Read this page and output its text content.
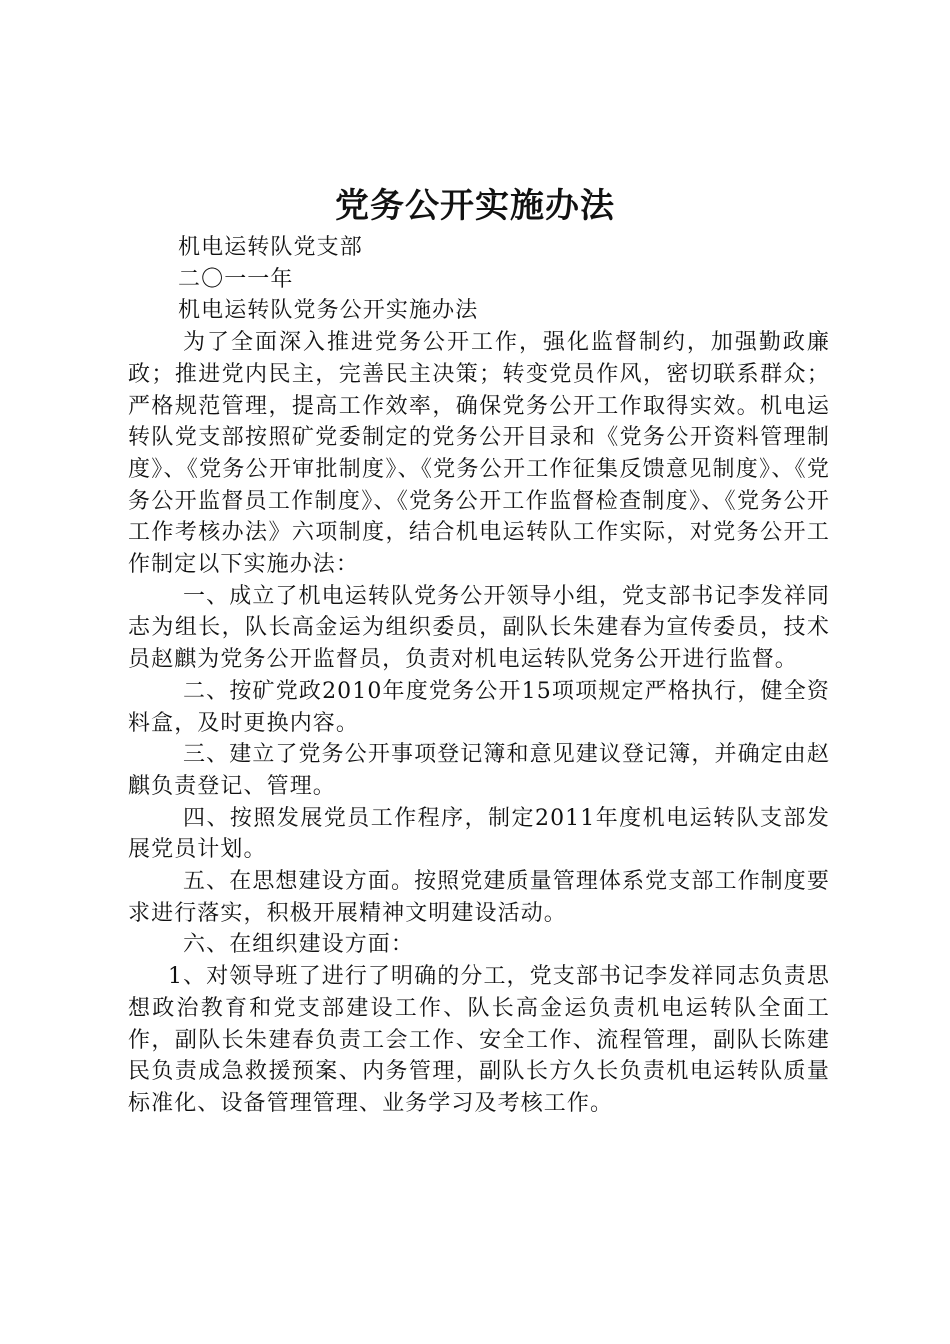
党务公开实施办法

机电运转队党支部

二〇一一年

机电运转队党务公开实施办法

为了全面深入推进党务公开工作，强化监督制约，加强勤政廉政；推进党内民主，完善民主决策；转变党员作风，密切联系群众；严格规范管理，提高工作效率，确保党务公开工作取得实效。机电运转队党支部按照矿党委制定的党务公开目录和《党务公开资料管理制度》、《党务公开审批制度》、《党务公开工作征集反馈意见制度》、《党务公开监督员工作制度》、《党务公开工作监督检查制度》、《党务公开工作考核办法》六项制度，结合机电运转队工作实际，对党务公开工作制定以下实施办法：

一、成立了机电运转队党务公开领导小组，党支部书记李发祥同志为组长，队长高金运为组织委员，副队长朱建春为宣传委员，技术员赵麒为党务公开监督员，负责对机电运转队党务公开进行监督。

二、按矿党政2010年度党务公开15项项规定严格执行，健全资料盒，及时更换内容。

三、建立了党务公开事项登记簿和意见建议登记簿，并确定由赵麒负责登记、管理。

四、按照发展党员工作程序，制定2011年度机电运转队支部发展党员计划。

五、在思想建设方面。按照党建质量管理体系党支部工作制度要求进行落实，积极开展精神文明建设活动。

六、在组织建设方面：

1、对领导班了进行了明确的分工，党支部书记李发祥同志负责思想政治教育和党支部建设工作、队长高金运负责机电运转队全面工作，副队长朱建春负责工会工作、安全工作、流程管理，副队长陈建民负责成急救援预案、内务管理，副队长方久长负责机电运转队质量标准化、设备管理管理、业务学习及考核工作。
